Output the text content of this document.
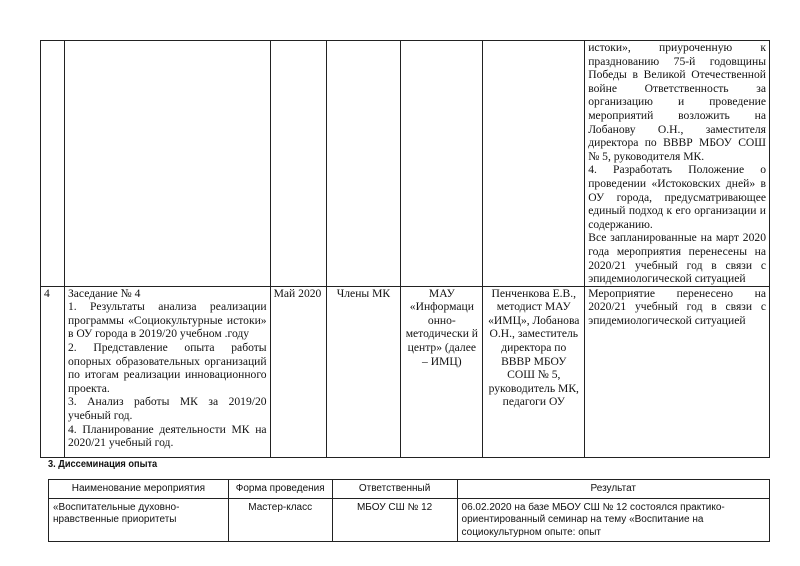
						истоки», приуроченную к празднованию 75-й годовщины Победы в Великой Отечественной войне Ответственность за организацию и проведение мероприятий возложить на Лобанову О.Н., заместителя директора по ВВВР МБОУ СОШ № 5, руководителя МК.
4. Разработать Положение о проведении «Истоковских дней» в ОУ города, предусматривающее единый подход к его организации и содержанию.
Все запланированные на март 2020 года мероприятия перенесены на 2020/21 учебный год в связи с эпидемиологической ситуацией

4	Заседание № 4
1. Результаты анализа реализации программы «Социокультурные истоки» в ОУ города в 2019/20 учебном .году
2. Представление опыта работы опорных образовательных организаций по итогам реализации инновационного проекта.
3. Анализ работы МК за 2019/20 учебный год.
4. Планирование деятельности МК на 2020/21 учебный год.	Май 2020	Члены МК	МАУ «Информаци онно-методически й центр» (далее – ИМЦ)	Пенченкова Е.В., методист МАУ «ИМЦ», Лобанова О.Н., заместитель директора по ВВВР МБОУ СОШ № 5, руководитель МК, педагоги ОУ	Мероприятие перенесено на 2020/21 учебный год в связи с эпидемиологической ситуацией
3. Диссеминация опыта
Наименование мероприятия	Форма проведения	Ответственный	Результат
«Воспитательные духовно-нравственные приоритеты	Мастер-класс	МБОУ СШ № 12	06.02.2020 на базе МБОУ СШ № 12 состоялся практико-ориентированный семинар на тему «Воспитание на социокультурном опыте: опыт
